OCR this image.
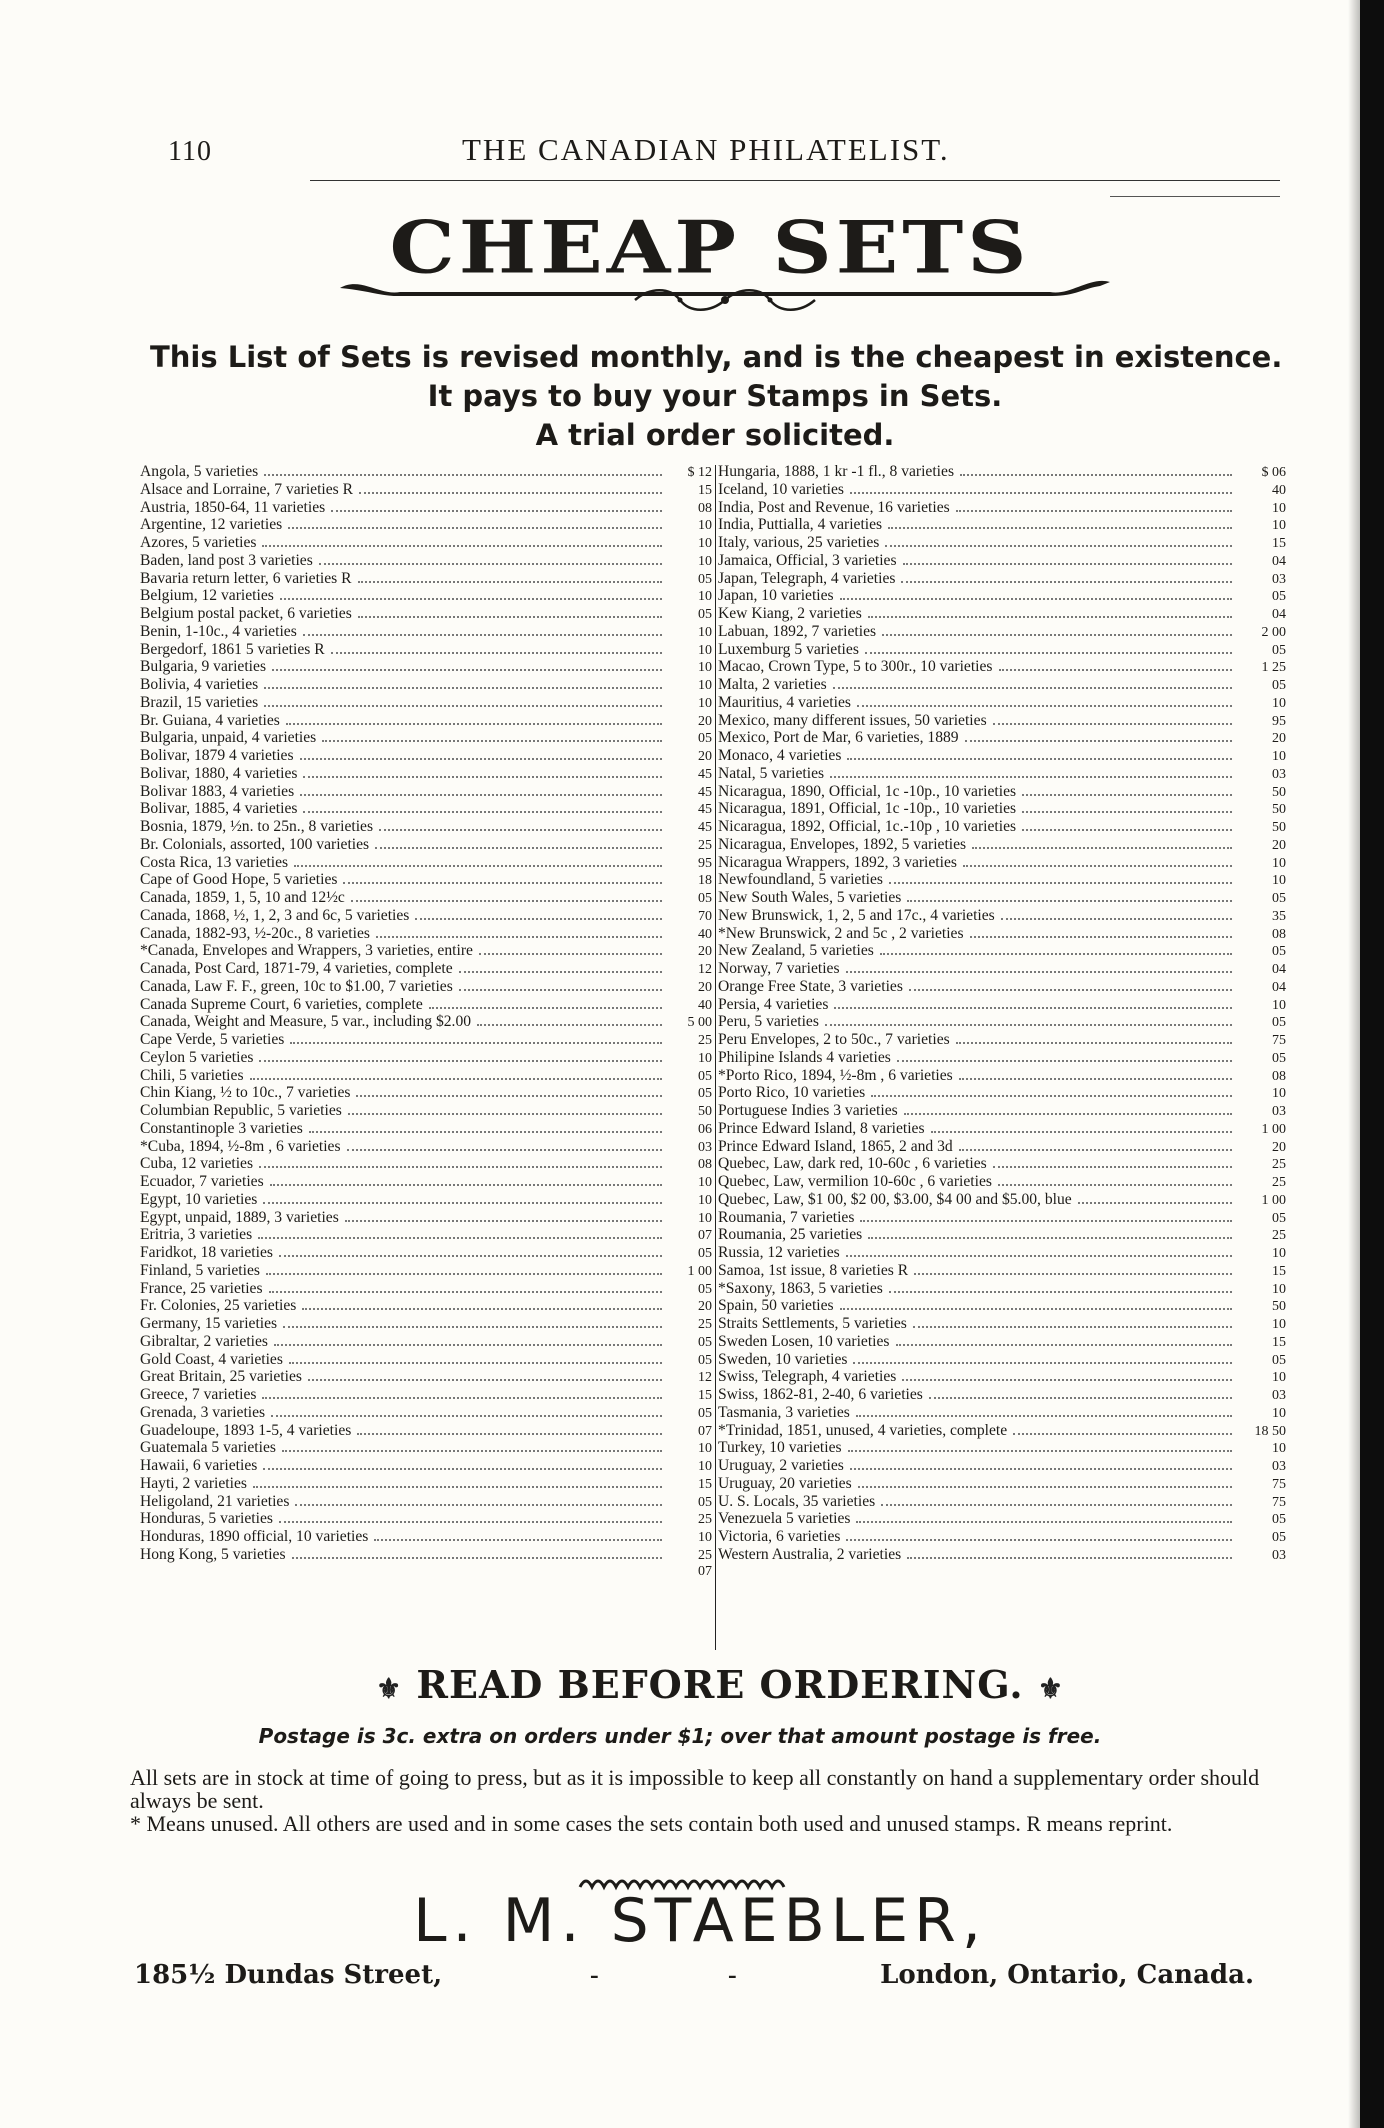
110	THE CANADIAN PHILATELIST.
CHEAP SETS
This List of Sets is revised monthly, and is the cheapest in existence.
It pays to buy your Stamps in Sets.
A trial order solicited.
Angola, 5 varieties	$ 12
Alsace and Lorraine, 7 varieties R	15
Austria, 1850-64, 11 varieties	08
Argentine, 12 varieties	10
Azores, 5 varieties	10
Baden, land post 3 varieties	10
Bavaria return letter, 6 varieties R	05
Belgium, 12 varieties	10
Belgium postal packet, 6 varieties	05
Benin, 1-10c., 4 varieties	10
Bergedorf, 1861 5 varieties R	10
Bulgaria, 9 varieties	10
Bolivia, 4 varieties	10
Brazil, 15 varieties	10
Br. Guiana, 4 varieties	20
Bulgaria, unpaid, 4 varieties	05
Bolivar, 1879 4 varieties	20
Bolivar, 1880, 4 varieties	45
Bolivar 1883, 4 varieties	45
Bolivar, 1885, 4 varieties	45
Bosnia, 1879, ½n. to 25n., 8 varieties	45
Br. Colonials, assorted, 100 varieties	25
Costa Rica, 13 varieties	95
Cape of Good Hope, 5 varieties	18
Canada, 1859, 1, 5, 10 and 12½c	05
Canada, 1868, ½, 1, 2, 3 and 6c, 5 varieties	70
Canada, 1882-93, ½-20c., 8 varieties	40
*Canada, Envelopes and Wrappers, 3 varieties, entire	20
Canada, Post Card, 1871-79, 4 varieties, complete	12
Canada, Law F. F., green, 10c to $1.00, 7 varieties	20
Canada Supreme Court, 6 varieties, complete	40
Canada, Weight and Measure, 5 var., including $2.00	5 00
Cape Verde, 5 varieties	25
Ceylon 5 varieties	10
Chili, 5 varieties	05
Chin Kiang, ½ to 10c., 7 varieties	05
Columbian Republic, 5 varieties	50
Constantinople 3 varieties	06
*Cuba, 1894, ½-8m , 6 varieties	03
Cuba, 12 varieties	08
Ecuador, 7 varieties	10
Egypt, 10 varieties	10
Egypt, unpaid, 1889, 3 varieties	10
Eritria, 3 varieties	07
Faridkot, 18 varieties	05
Finland, 5 varieties	1 00
France, 25 varieties	05
Fr. Colonies, 25 varieties	20
Germany, 15 varieties	25
Gibraltar, 2 varieties	05
Gold Coast, 4 varieties	05
Great Britain, 25 varieties	12
Greece, 7 varieties	15
Grenada, 3 varieties	05
Guadeloupe, 1893 1-5, 4 varieties	07
Guatemala 5 varieties	10
Hawaii, 6 varieties	10
Hayti, 2 varieties	15
Heligoland, 21 varieties	05
Honduras, 5 varieties	25
Honduras, 1890 official, 10 varieties	10
Hong Kong, 5 varieties	25
07
Hungaria, 1888, 1 kr -1 fl., 8 varieties	$ 06
Iceland, 10 varieties	40
India, Post and Revenue, 16 varieties	10
India, Puttialla, 4 varieties	10
Italy, various, 25 varieties	15
Jamaica, Official, 3 varieties	04
Japan, Telegraph, 4 varieties	03
Japan, 10 varieties	05
Kew Kiang, 2 varieties	04
Labuan, 1892, 7 varieties	2 00
Luxemburg 5 varieties	05
Macao, Crown Type, 5 to 300r., 10 varieties	1 25
Malta, 2 varieties	05
Mauritius, 4 varieties	10
Mexico, many different issues, 50 varieties	95
Mexico, Port de Mar, 6 varieties, 1889	20
Monaco, 4 varieties	10
Natal, 5 varieties	03
Nicaragua, 1890, Official, 1c -10p., 10 varieties	50
Nicaragua, 1891, Official, 1c -10p., 10 varieties	50
Nicaragua, 1892, Official, 1c.-10p , 10 varieties	50
Nicaragua, Envelopes, 1892, 5 varieties	20
Nicaragua Wrappers, 1892, 3 varieties	10
Newfoundland, 5 varieties	10
New South Wales, 5 varieties	05
New Brunswick, 1, 2, 5 and 17c., 4 varieties	35
*New Brunswick, 2 and 5c , 2 varieties	08
New Zealand, 5 varieties	05
Norway, 7 varieties	04
Orange Free State, 3 varieties	04
Persia, 4 varieties	10
Peru, 5 varieties	05
Peru Envelopes, 2 to 50c., 7 varieties	75
Philipine Islands 4 varieties	05
*Porto Rico, 1894, ½-8m , 6 varieties	08
Porto Rico, 10 varieties	10
Portuguese Indies 3 varieties	03
Prince Edward Island, 8 varieties	1 00
Prince Edward Island, 1865, 2 and 3d	20
Quebec, Law, dark red, 10-60c , 6 varieties	25
Quebec, Law, vermilion 10-60c , 6 varieties	25
Quebec, Law, $1 00, $2 00, $3.00, $4 00 and $5.00, blue	1 00
Roumania, 7 varieties	05
Roumania, 25 varieties	25
Russia, 12 varieties	10
Samoa, 1st issue, 8 varieties R	15
*Saxony, 1863, 5 varieties	10
Spain, 50 varieties	50
Straits Settlements, 5 varieties	10
Sweden Losen, 10 varieties	15
Sweden, 10 varieties	05
Swiss, Telegraph, 4 varieties	10
Swiss, 1862-81, 2-40, 6 varieties	03
Tasmania, 3 varieties	10
*Trinidad, 1851, unused, 4 varieties, complete	18 50
Turkey, 10 varieties	10
Uruguay, 2 varieties	03
Uruguay, 20 varieties	75
U. S. Locals, 35 varieties	75
Venezuela 5 varieties	05
Victoria, 6 varieties	05
Western Australia, 2 varieties	03
⚜ READ BEFORE ORDERING. ⚜
Postage is 3c. extra on orders under $1; over that amount postage is free.
All sets are in stock at time of going to press, but as it is impossible to keep all constantly on hand a supplementary order should always be sent.
* Means unused. All others are used and in some cases the sets contain both used and unused stamps. R means reprint.
L. M. STAEBLER,
185½ Dundas Street,	-	-	London, Ontario, Canada.
